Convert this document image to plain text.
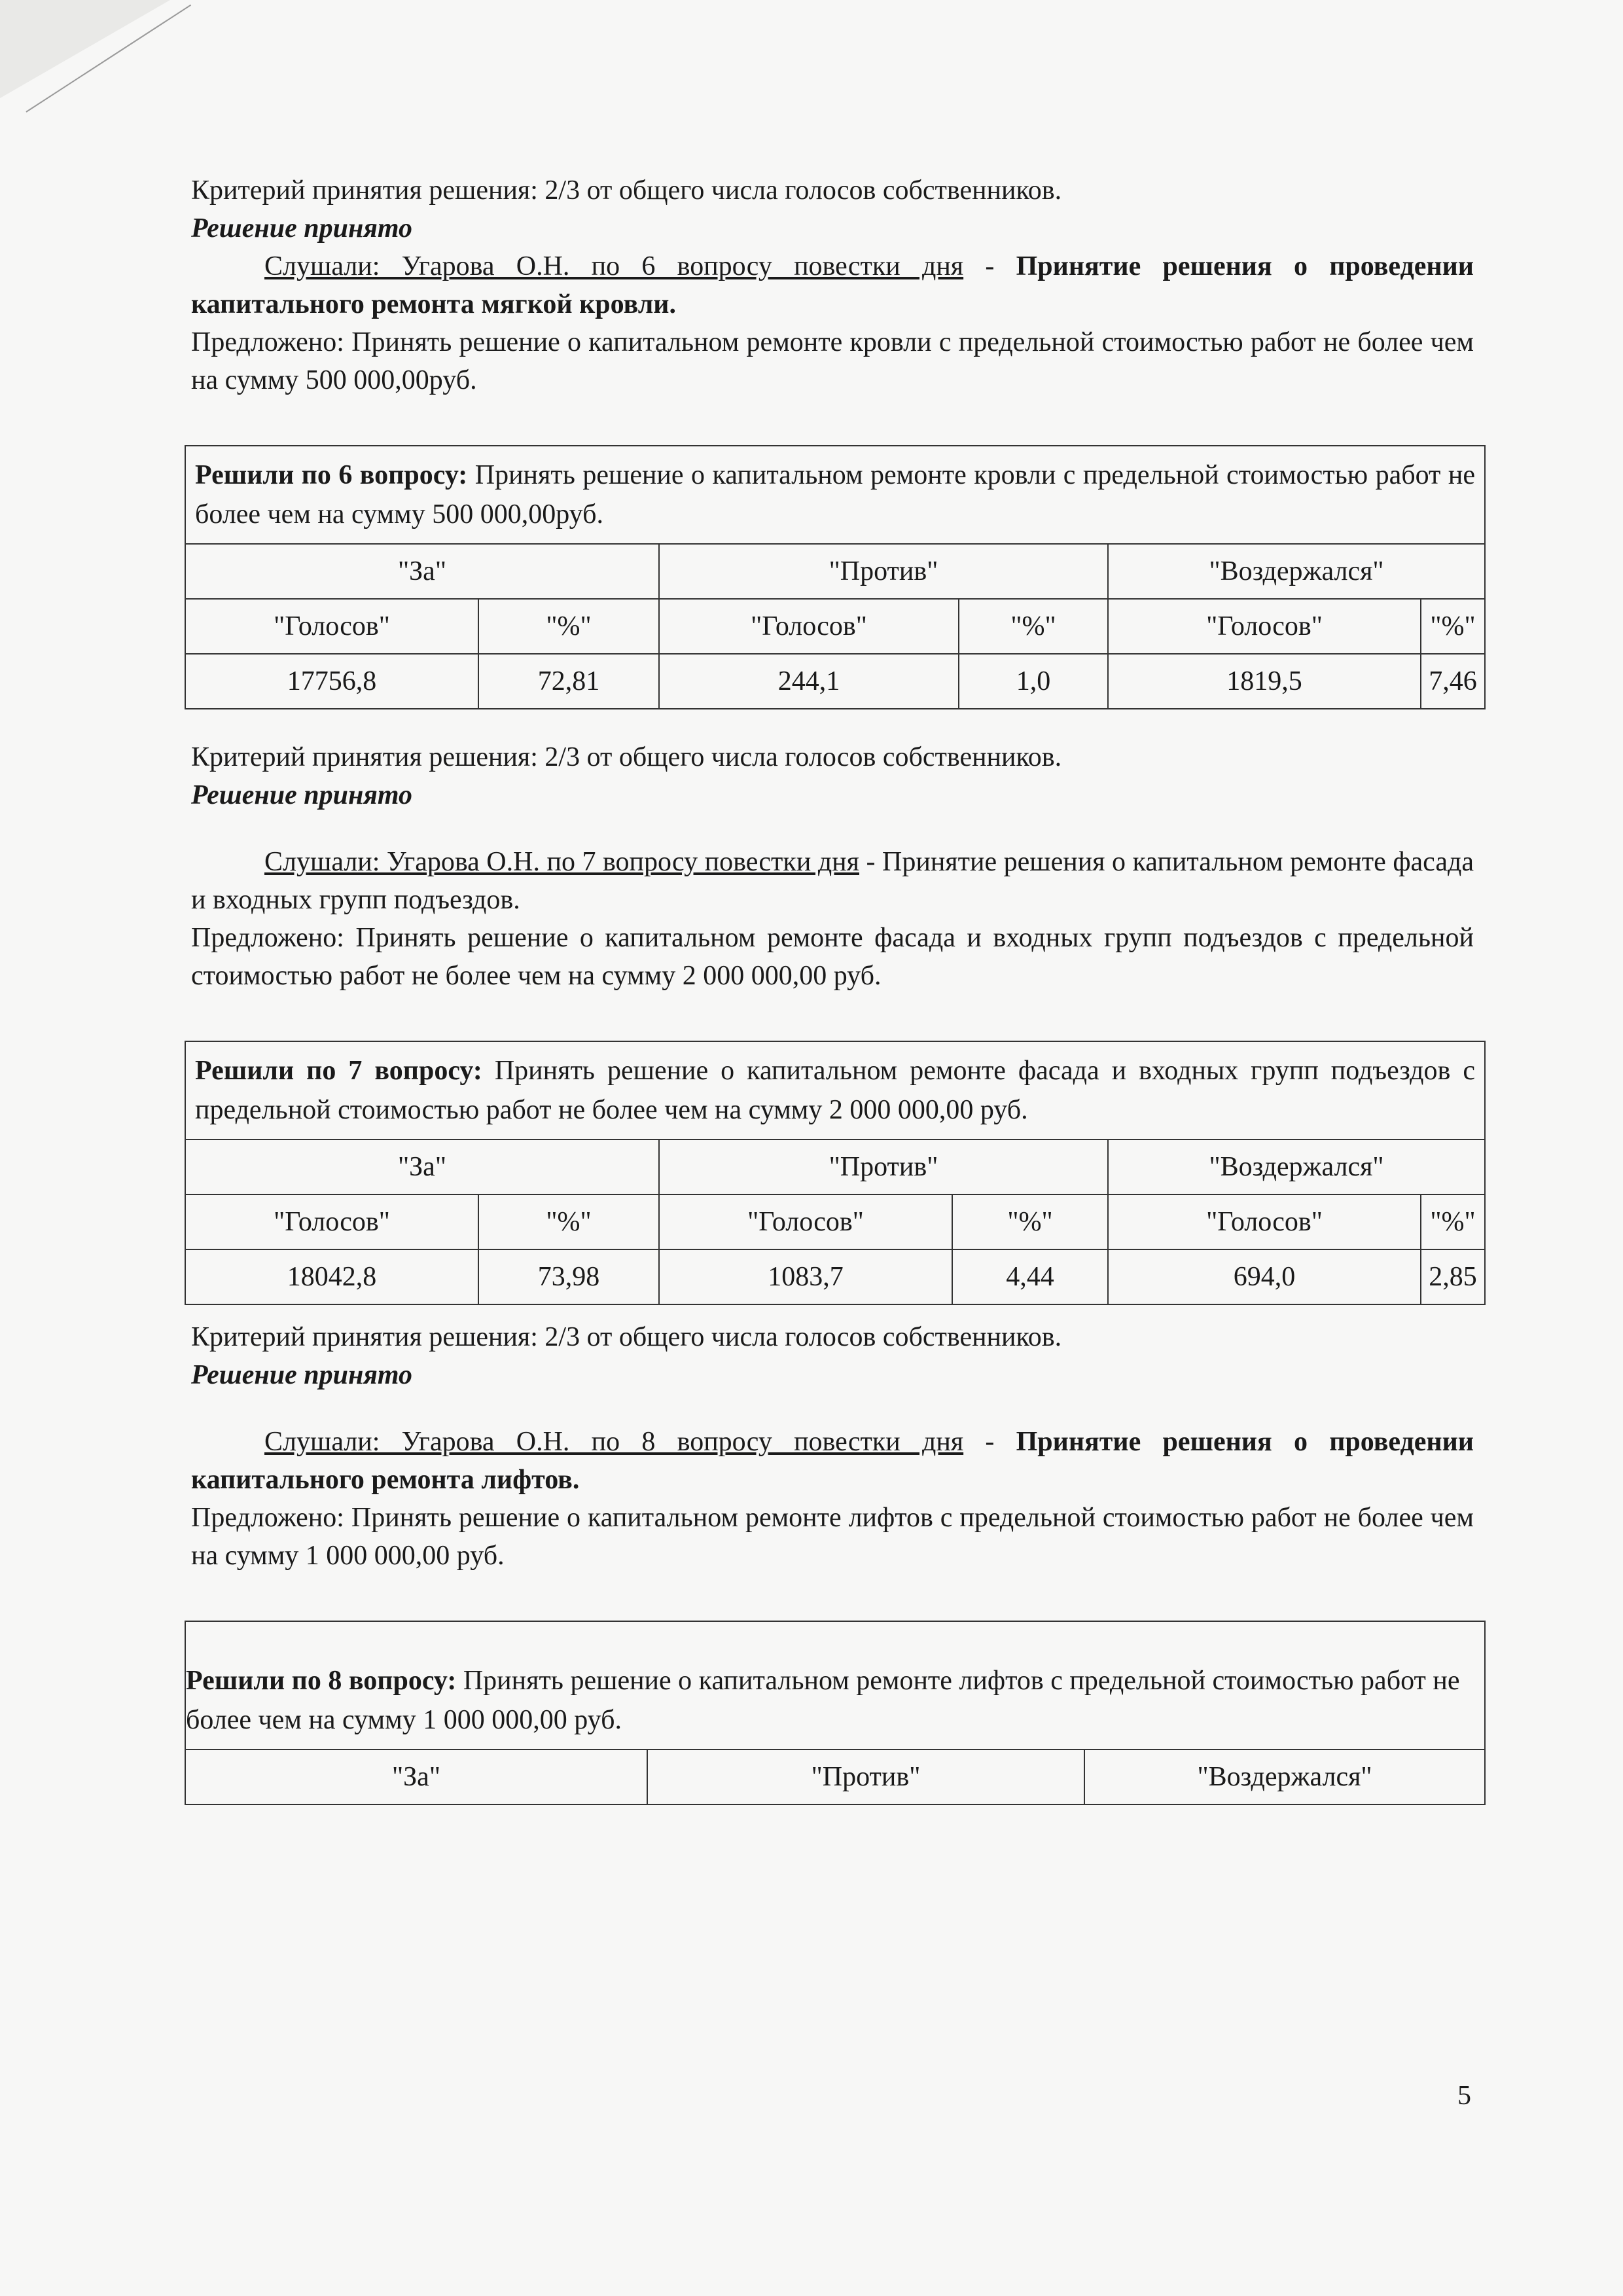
Критерий принятия решения: 2/3 от общего числа голосов собственников.

Решение принято

Слушали: Угарова О.Н. по 6 вопросу повестки дня - Принятие решения о проведении капитального ремонта мягкой кровли.

Предложено: Принять решение о капитальном ремонте кровли с предельной стоимостью работ не более чем на сумму 500 000,00руб.

Решили по 6 вопросу: Принять решение о капитальном ремонте кровли с предельной стоимостью работ не более чем на сумму 500 000,00руб.					
"За"		"Против"		"Воздержался"	
"Голосов"	"%"	"Голосов"	"%"	"Голосов"	"%"
17756,8	72,81	244,1	1,0	1819,5	7,46

Критерий принятия решения: 2/3 от общего числа голосов собственников.

Решение принято

Слушали: Угарова О.Н. по 7 вопросу повестки дня - Принятие решения о капитальном ремонте фасада и входных групп подъездов.

Предложено: Принять решение о капитальном ремонте фасада и входных групп подъездов с предельной стоимостью работ не более чем на сумму 2 000 000,00 руб.

Решили по 7 вопросу: Принять решение о капитальном ремонте фасада и входных групп подъездов с предельной стоимостью работ не более чем на сумму 2 000 000,00 руб.					
"За"		"Против"		"Воздержался"	
"Голосов"	"%"	"Голосов"	"%"	"Голосов"	"%"
18042,8	73,98	1083,7	4,44	694,0	2,85

Критерий принятия решения: 2/3 от общего числа голосов собственников.

Решение принято

Слушали: Угарова О.Н. по 8 вопросу повестки дня - Принятие решения о проведении капитального ремонта лифтов.

Предложено: Принять решение о капитальном ремонте лифтов с предельной стоимостью работ не более чем на сумму 1 000 000,00 руб.

Решили по 8 вопросу: Принять решение о капитальном ремонте лифтов с предельной стоимостью работ не более чем на сумму 1 000 000,00 руб.
"За"	"Против"	"Воздержался"
5
